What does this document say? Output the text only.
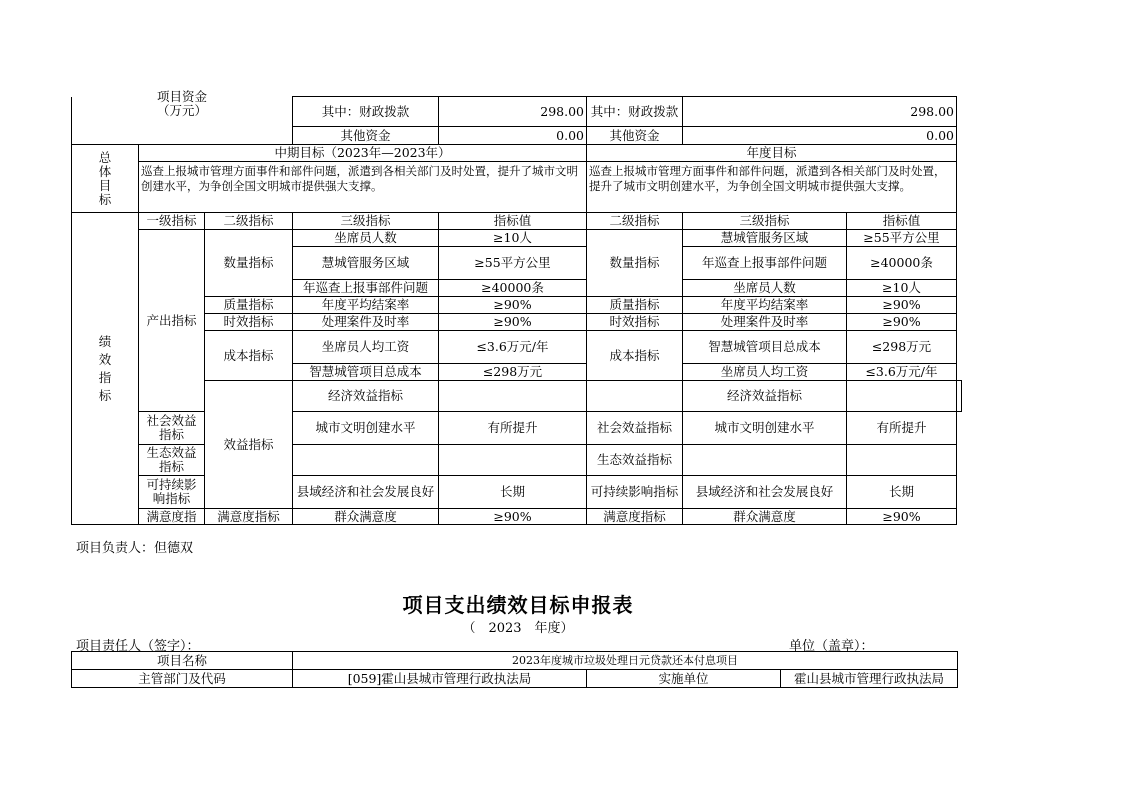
项目资金
（万元）			其中：财政拨款	298.00	其中：财政拨款	298.00		
			其他资金	0.00	其他资金	0.00		

总体目标	中期目标（2023年—2023年）				年度目标			
	巡查上报城市管理方面事件和部件问题，派遣到各相关部门及时处置，提升了城市文明创建水平，为争创全国文明城市提供强大支撑。				巡查上报城市管理方面事件和部件问题，派遣到各相关部门及时处置，提升了城市文明创建水平，为争创全国文明城市提供强大支撑。			

绩效指标	一级指标	二级指标	三级指标	指标值	二级指标	三级指标	指标值	
	产出指标	数量指标	坐席员人数	≥10人	数量指标	慧城管服务区域	≥55平方公里	
			慧城管服务区域	≥55平方公里		年巡查上报事部件问题	≥40000条	
			年巡查上报事部件问题	≥40000条		坐席员人数	≥10人	
		质量指标	年度平均结案率	≥90%	质量指标	年度平均结案率	≥90%	
		时效指标	处理案件及时率	≥90%	时效指标	处理案件及时率	≥90%	
		成本指标	坐席员人均工资	≤3.6万元/年	成本指标	智慧城管项目总成本	≤298万元	
			智慧城管项目总成本	≤298万元		坐席员人均工资	≤3.6万元/年	
		效益指标	经济效益指标			经济效益指标		
	社会效益指标		城市文明创建水平	有所提升	社会效益指标	城市文明创建水平	有所提升	
	生态效益指标				生态效益指标			
	可持续影响指标		县域经济和社会发展良好	长期	可持续影响指标	县域经济和社会发展良好	长期	
	满意度指	满意度指标	群众满意度	≥90%	满意度指标	群众满意度	≥90%	
项目负责人：但德双
项目支出绩效目标申报表
（　2023　年度）
项目责任人（签字）：	单位（盖章）：
项目名称	2023年度城市垃圾处理日元贷款还本付息项目		
主管部门及代码	[059]霍山县城市管理行政执法局	实施单位	霍山县城市管理行政执法局
